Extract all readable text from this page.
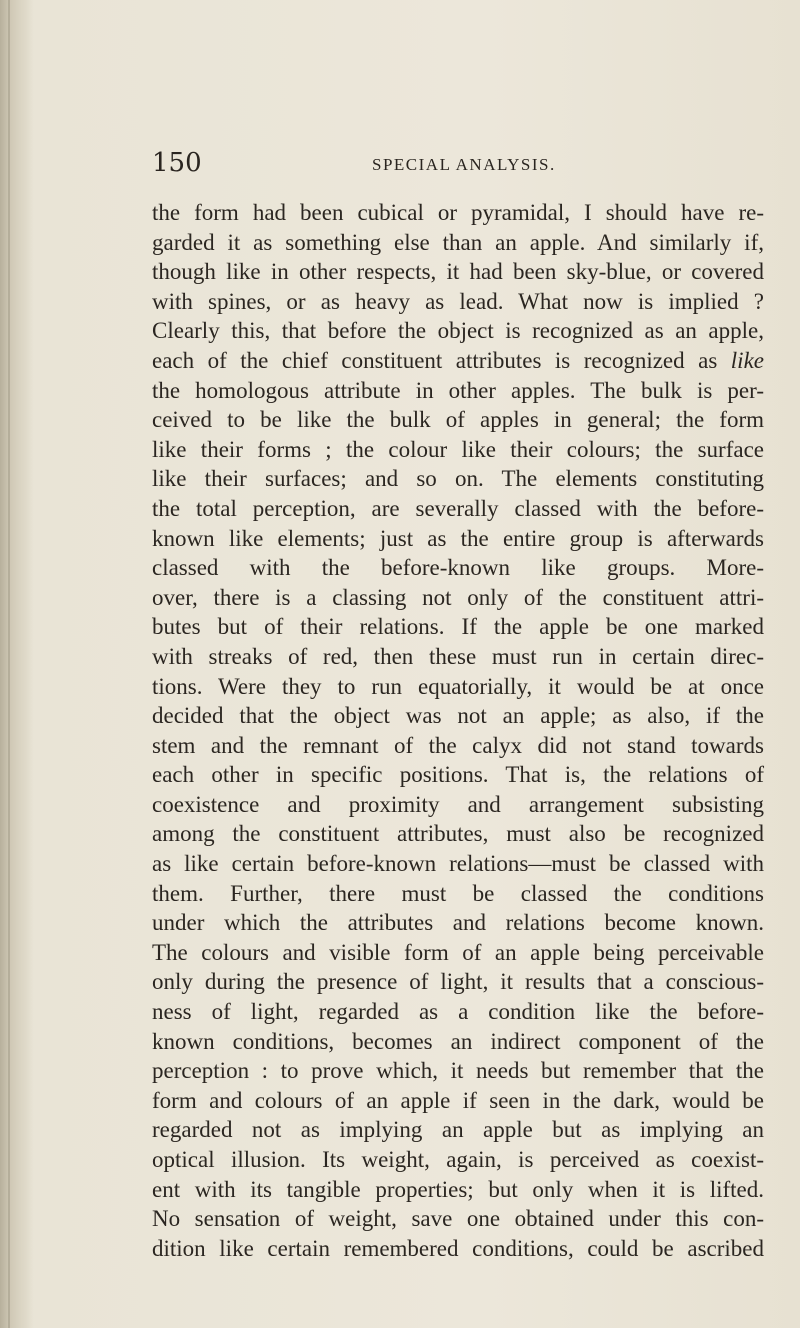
150	SPECIAL ANALYSIS.
the form had been cubical or pyramidal, I should have re-
garded it as something else than an apple. And similarly if,
though like in other respects, it had been sky-blue, or covered
with spines, or as heavy as lead. What now is implied ?
Clearly this, that before the object is recognized as an apple,
each of the chief constituent attributes is recognized as like
the homologous attribute in other apples. The bulk is per-
ceived to be like the bulk of apples in general; the form
like their forms ; the colour like their colours; the surface
like their surfaces; and so on. The elements constituting
the total perception, are severally classed with the before-
known like elements; just as the entire group is afterwards
classed with the before-known like groups. More-
over, there is a classing not only of the constituent attri-
butes but of their relations. If the apple be one marked
with streaks of red, then these must run in certain direc-
tions. Were they to run equatorially, it would be at once
decided that the object was not an apple; as also, if the
stem and the remnant of the calyx did not stand towards
each other in specific positions. That is, the relations of
coexistence and proximity and arrangement subsisting
among the constituent attributes, must also be recognized
as like certain before-known relations—must be classed with
them. Further, there must be classed the conditions
under which the attributes and relations become known.
The colours and visible form of an apple being perceivable
only during the presence of light, it results that a conscious-
ness of light, regarded as a condition like the before-
known conditions, becomes an indirect component of the
perception : to prove which, it needs but remember that the
form and colours of an apple if seen in the dark, would be
regarded not as implying an apple but as implying an
optical illusion. Its weight, again, is perceived as coexist-
ent with its tangible properties; but only when it is lifted.
No sensation of weight, save one obtained under this con-
dition like certain remembered conditions, could be ascribed
